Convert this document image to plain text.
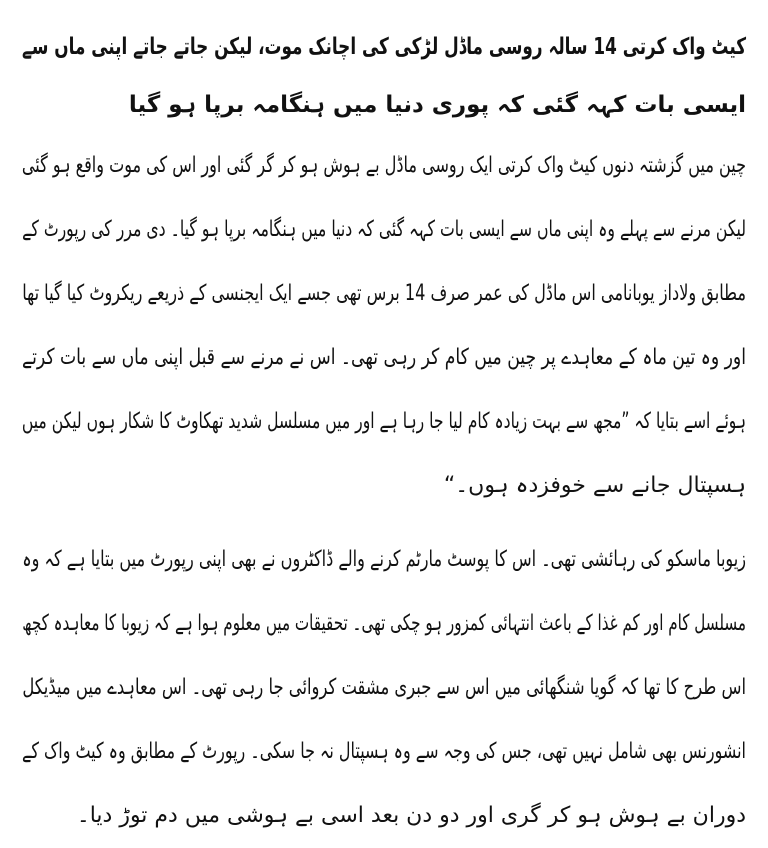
کیٹ واک کرتی 14 سالہ روسی ماڈل لڑکی کی اچانک موت، لیکن جاتے جاتے اپنی ماں سے
ایسی بات کہہ گئی کہ پوری دنیا میں ہنگامہ برپا ہو گیا

چین میں گزشتہ دنوں کیٹ واک کرتی ایک روسی ماڈل بے ہوش ہو کر گر گئی اور اس کی موت واقع ہو گئی
لیکن مرنے سے پہلے وہ اپنی ماں سے ایسی بات کہہ گئی کہ دنیا میں ہنگامہ برپا ہو گیا۔ دی مرر کی رپورٹ کے
مطابق ولاداز یوبانامی اس ماڈل کی عمر صرف 14 برس تھی جسے ایک ایجنسی کے ذریعے ریکروٹ کیا گیا تھا
اور وہ تین ماہ کے معاہدے پر چین میں کام کر رہی تھی۔ اس نے مرنے سے قبل اپنی ماں سے بات کرتے
ہوئے اسے بتایا کہ ”مجھ سے بہت زیادہ کام لیا جا رہا ہے اور میں مسلسل شدید تھکاوٹ کا شکار ہوں لیکن میں
ہسپتال جانے سے خوفزدہ ہوں۔“

زیوبا ماسکو کی رہائشی تھی۔ اس کا پوسٹ مارٹم کرنے والے ڈاکٹروں نے بھی اپنی رپورٹ میں بتایا ہے کہ وہ
مسلسل کام اور کم غذا کے باعث انتہائی کمزور ہو چکی تھی۔ تحقیقات میں معلوم ہوا ہے کہ زیوبا کا معاہدہ کچھ
اس طرح کا تھا کہ گویا شنگھائی میں اس سے جبری مشقت کروائی جا رہی تھی۔ اس معاہدے میں میڈیکل
انشورنس بھی شامل نہیں تھی، جس کی وجہ سے وہ ہسپتال نہ جا سکی۔ رپورٹ کے مطابق وہ کیٹ واک کے
دوران بے ہوش ہو کر گری اور دو دن بعد اسی بے ہوشی میں دم توڑ دیا۔
